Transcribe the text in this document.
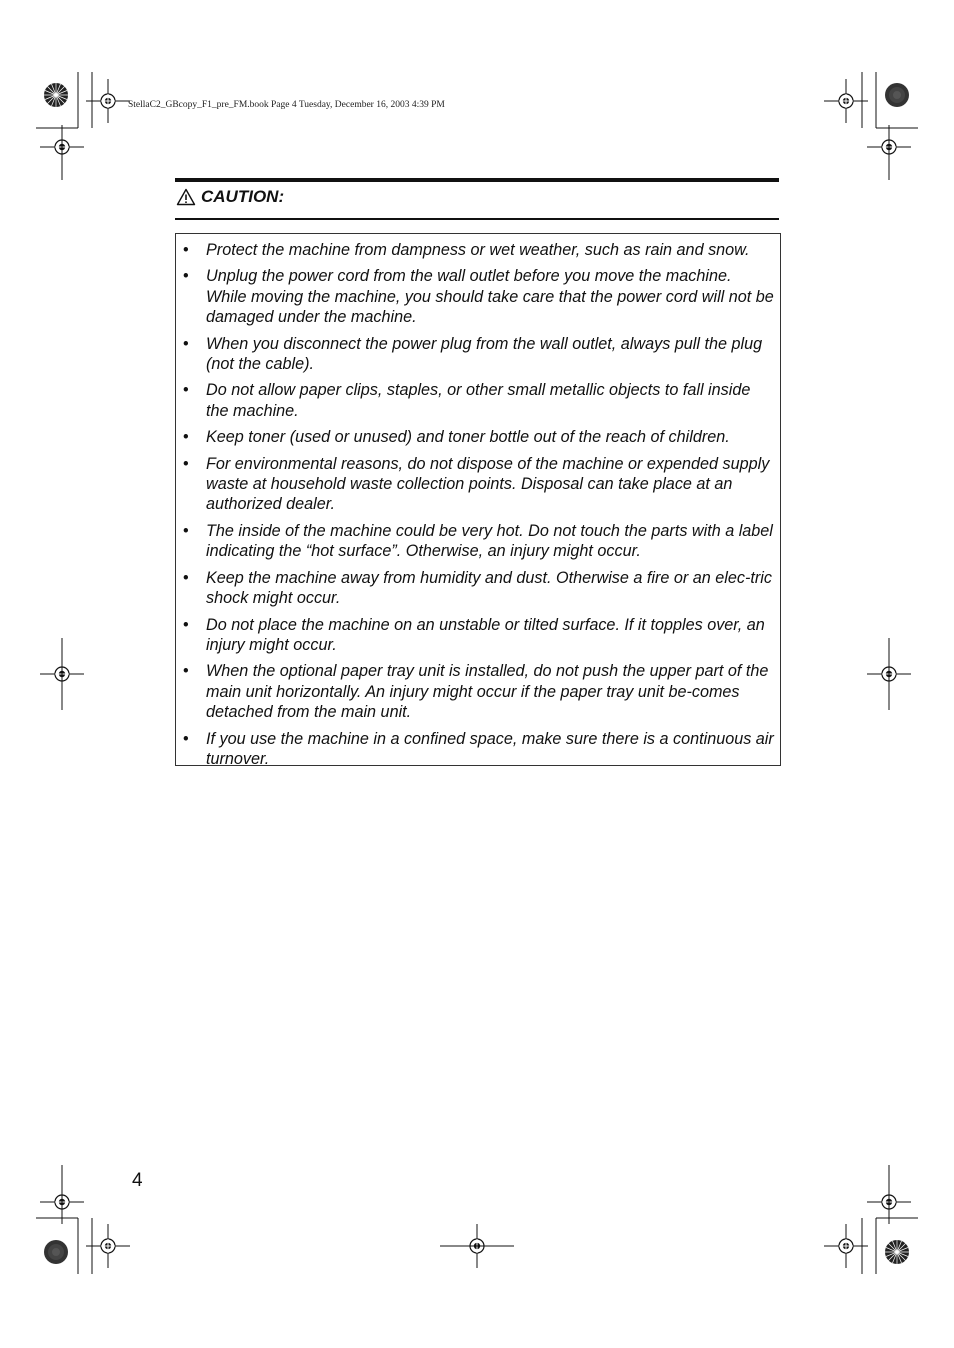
StellaC2_GBcopy_F1_pre_FM.book Page 4 Tuesday, December 16, 2003 4:39 PM
CAUTION:
• Protect the machine from dampness or wet weather, such as rain and snow.
• Unplug the power cord from the wall outlet before you move the machine. While moving the machine, you should take care that the power cord will not be damaged under the machine.
• When you disconnect the power plug from the wall outlet, always pull the plug (not the cable).
• Do not allow paper clips, staples, or other small metallic objects to fall inside the machine.
• Keep toner (used or unused) and toner bottle out of the reach of children.
• For environmental reasons, do not dispose of the machine or expended supply waste at household waste collection points. Disposal can take place at an authorized dealer.
• The inside of the machine could be very hot. Do not touch the parts with a label indicating the “hot surface”. Otherwise, an injury might occur.
• Keep the machine away from humidity and dust. Otherwise a fire or an elec-tric shock might occur.
• Do not place the machine on an unstable or tilted surface. If it topples over, an injury might occur.
• When the optional paper tray unit is installed, do not push the upper part of the main unit horizontally. An injury might occur if the paper tray unit be-comes detached from the main unit.
• If you use the machine in a confined space, make sure there is a continuous air turnover.
4
